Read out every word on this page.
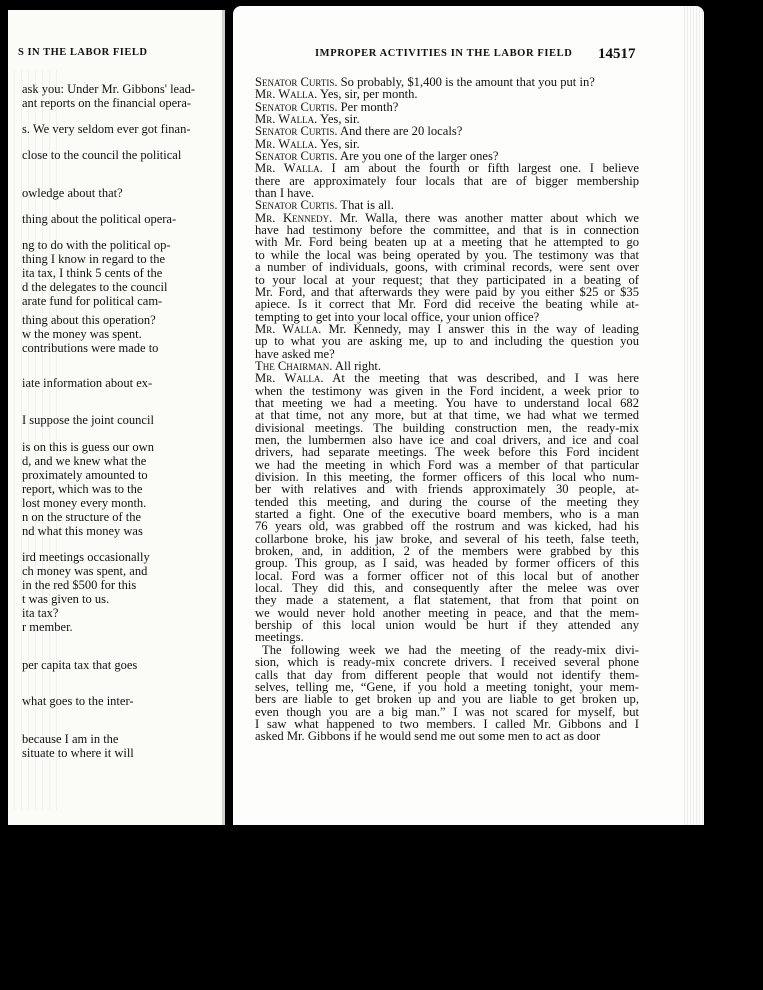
S IN THE LABOR FIELD
ask you: Under Mr. Gibbons' lead-
ant reports on the financial opera-
s. We very seldom ever got finan-
close to the council the political
owledge about that?
thing about the political opera-
ng to do with the political op-
thing I know in regard to the
ita tax, I think 5 cents of the
d the delegates to the council
arate fund for political cam-
thing about this operation?
w the money was spent.
contributions were made to
iate information about ex-
I suppose the joint council
is on this is guess our own
d, and we knew what the
proximately amounted to
report, which was to the
lost money every month.
n on the structure of the
nd what this money was
ird meetings occasionally
ch money was spent, and
in the red $500 for this
t was given to us.
ita tax?
r member.
per capita tax that goes
what goes to the inter-
because I am in the
situate to where it will
IMPROPER ACTIVITIES IN THE LABOR FIELD 14517
Senator Curtis. So probably, $1,400 is the amount that you put in?
Mr. Walla. Yes, sir, per month.
Senator Curtis. Per month?
Mr. Walla. Yes, sir.
Senator Curtis. And there are 20 locals?
Mr. Walla. Yes, sir.
Senator Curtis. Are you one of the larger ones?
Mr. Walla. I am about the fourth or fifth largest one. I believe
there are approximately four locals that are of bigger membership
than I have.
Senator Curtis. That is all.
Mr. Kennedy. Mr. Walla, there was another matter about which we
have had testimony before the committee, and that is in connection
with Mr. Ford being beaten up at a meeting that he attempted to go
to while the local was being operated by you. The testimony was that
a number of individuals, goons, with criminal records, were sent over
to your local at your request; that they participated in a beating of
Mr. Ford, and that afterwards they were paid by you either $25 or $35
apiece. Is it correct that Mr. Ford did receive the beating while at-
tempting to get into your local office, your union office?
Mr. Walla. Mr. Kennedy, may I answer this in the way of leading
up to what you are asking me, up to and including the question you
have asked me?
The Chairman. All right.
Mr. Walla. At the meeting that was described, and I was here
when the testimony was given in the Ford incident, a week prior to
that meeting we had a meeting. You have to understand local 682
at that time, not any more, but at that time, we had what we termed
divisional meetings. The building construction men, the ready-mix
men, the lumbermen also have ice and coal drivers, and ice and coal
drivers, had separate meetings. The week before this Ford incident
we had the meeting in which Ford was a member of that particular
division. In this meeting, the former officers of this local who num-
ber with relatives and with friends approximately 30 people, at-
tended this meeting, and during the course of the meeting they
started a fight. One of the executive board members, who is a man
76 years old, was grabbed off the rostrum and was kicked, had his
collarbone broke, his jaw broke, and several of his teeth, false teeth,
broken, and, in addition, 2 of the members were grabbed by this
group. This group, as I said, was headed by former officers of this
local. Ford was a former officer not of this local but of another
local. They did this, and consequently after the melee was over
they made a statement, a flat statement, that from that point on
we would never hold another meeting in peace, and that the mem-
bership of this local union would be hurt if they attended any
meetings.
The following week we had the meeting of the ready-mix divi-
sion, which is ready-mix concrete drivers. I received several phone
calls that day from different people that would not identify them-
selves, telling me, “Gene, if you hold a meeting tonight, your mem-
bers are liable to get broken up and you are liable to get broken up,
even though you are a big man.” I was not scared for myself, but
I saw what happened to two members. I called Mr. Gibbons and I
asked Mr. Gibbons if he would send me out some men to act as door
